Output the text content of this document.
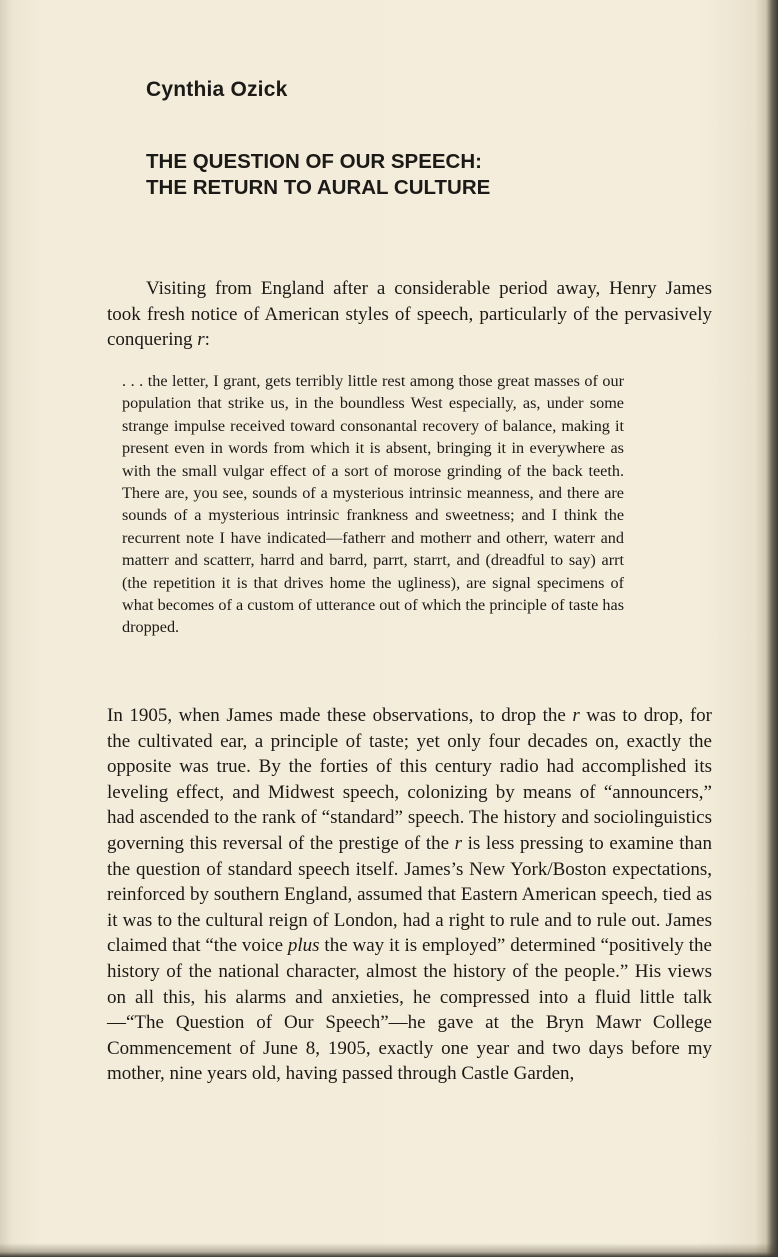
Cynthia Ozick
THE QUESTION OF OUR SPEECH:
THE RETURN TO AURAL CULTURE

Visiting from England after a considerable period away, Henry James took fresh notice of American styles of speech, particularly of the pervasively conquering r:

. . . the letter, I grant, gets terribly little rest among those great masses of our population that strike us, in the boundless West especially, as, under some strange impulse received toward consonantal recovery of balance, making it present even in words from which it is absent, bringing it in everywhere as with the small vulgar effect of a sort of morose grinding of the back teeth. There are, you see, sounds of a mysterious intrinsic meanness, and there are sounds of a mysterious intrinsic frankness and sweetness; and I think the recurrent note I have indicated—fatherr and motherr and otherr, waterr and matterr and scatterr, harrd and barrd, parrt, starrt, and (dreadful to say) arrt (the repetition it is that drives home the ugliness), are signal specimens of what becomes of a custom of utterance out of which the principle of taste has dropped.

In 1905, when James made these observations, to drop the r was to drop, for the cultivated ear, a principle of taste; yet only four decades on, exactly the opposite was true. By the forties of this century radio had accomplished its leveling effect, and Midwest speech, colonizing by means of “announcers,” had ascended to the rank of “standard” speech. The history and sociolinguistics governing this reversal of the prestige of the r is less pressing to examine than the question of standard speech itself. James’s New York/Boston expectations, reinforced by southern England, assumed that Eastern American speech, tied as it was to the cultural reign of London, had a right to rule and to rule out. James claimed that “the voice plus the way it is employed” determined “positively the history of the national character, almost the history of the people.” His views on all this, his alarms and anxieties, he compressed into a fluid little talk—“The Question of Our Speech”—he gave at the Bryn Mawr College Commencement of June 8, 1905, exactly one year and two days before my mother, nine years old, having passed through Castle Garden,
